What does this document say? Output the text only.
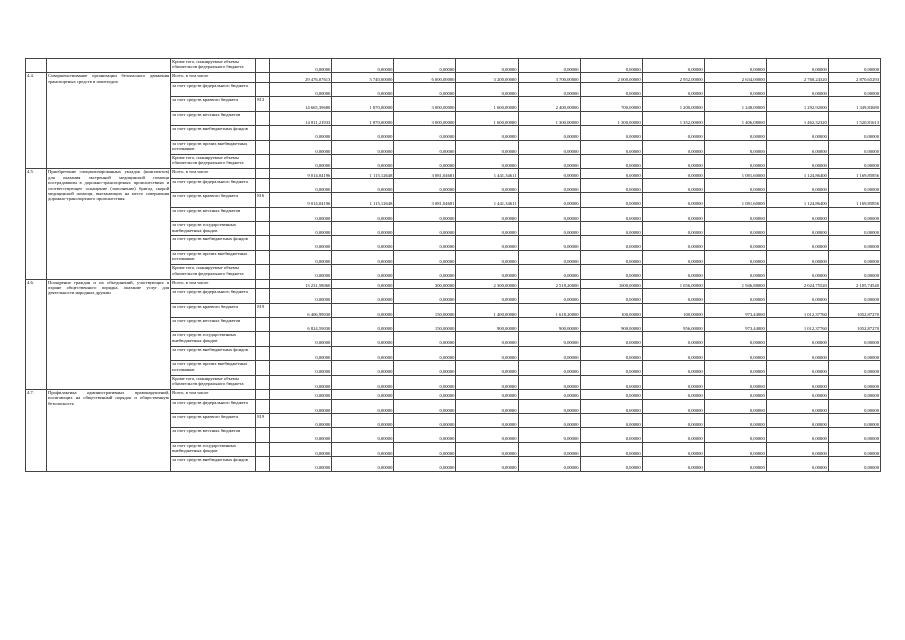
		Кроме того, планируемые объемы обязательств федерального бюджета		0,00000	0,00000	0,00000	0,00000	0,00000	0,00000	0,00000	0,00000	0,00000	0,00000
4.4.	Совершенствование организации безопасного движения транспортных средств и пешеходов	Всего, в том числе		29 476,07613	3 740,00000	6 000,00000	3 200,00000	3 700,00000	2 000,00000	2 952,00000	2 634,00000	2 760,24320	2 870,65293
		за счет средств федерального бюджета		0,00000	0,00000	0,00000	0,00000	0,00000	0,00000	0,00000	0,00000	0,00000	0,00000
		за счет средств краевого бюджета	813	14 665,39680	1 870,00000	3 000,00000	1 600,00000	2 400,00000	700,00000	1 200,00000	1 248,00000	1 292,92000	1 349,83680
		за счет средств местных бюджетов		14 811,21933	1 870,00000	3 000,00000	1 600,00000	1 300,00000	1 300,00000	1 352,00000	1 406,08000	1 462,32320	1 520,81613
		за счет средств внебюджетных фондов		0,00000	0,00000	0,00000	0,00000	0,00000	0,00000	0,00000	0,00000	0,00000	0,00000
		за счет средств прочих внебюджетных источников		0,00000	0,00000	0,00000	0,00000	0,00000	0,00000	0,00000	0,00000	0,00000	0,00000
		Кроме того, планируемые объемы обязательств федерального бюджета		0,00000	0,00000	0,00000	0,00000	0,00000	0,00000	0,00000	0,00000	0,00000	0,00000
4.5.	Приобретение специализированных укладок (комплектов) для оказания экстренной медицинской помощи пострадавшим в дорожно-транспортных происшествиях и соответствующее оснащение (заполнение) бригад скорой медицинской помощи, выезжающих на место совершения дорожно-транспортного происшествия	Всего, в том числе		9 014,04196	1 115,12648	3 081,04681	1 441,34611	0,00000	0,00000	0,00000	1 081,60000	1 124,86400	1 169,85856
		за счет средств федерального бюджета		0,00000	0,00000	0,00000	0,00000	0,00000	0,00000	0,00000	0,00000	0,00000	0,00000
		за счет средств краевого бюджета	816	9 014,04196	1 115,12648	3 081,04681	1 441,34611	0,00000	0,00000	0,00000	1 081,60000	1 124,86400	1 169,85856
		за счет средств местных бюджетов		0,00000	0,00000	0,00000	0,00000	0,00000	0,00000	0,00000	0,00000	0,00000	0,00000
		за счет средств государственных внебюджетных фондов		0,00000	0,00000	0,00000	0,00000	0,00000	0,00000	0,00000	0,00000	0,00000	0,00000
		за счет средств внебюджетных фондов		0,00000	0,00000	0,00000	0,00000	0,00000	0,00000	0,00000	0,00000	0,00000	0,00000
		за счет средств прочих внебюджетных источников		0,00000	0,00000	0,00000	0,00000	0,00000	0,00000	0,00000	0,00000	0,00000	0,00000
		Кроме того, планируемые объемы обязательств федерального бюджета		0,00000	0,00000	0,00000	0,00000	0,00000	0,00000	0,00000	0,00000	0,00000	0,00000
4.6.	Поощрение граждан и их объединений, участвующих в охране общественного порядка, оказание услуг для деятельности народных дружин	Всего, в том числе		13 231,58060	0,00000	300,00000	2 300,00000	2 518,20000	1000,00000	1 056,00000	1 946,88000	2 024,75520	2 105,74540
		за счет средств федерального бюджета		0,00000	0,00000	0,00000	0,00000	0,00000	0,00000	0,00000	0,00000	0,00000	0,00000
		за счет средств краевого бюджета	819	6 406,99030	0,00000	150,00000	1 400,00000	1 618,20000	100,00000	100,00000	973,44000	1 012,37760	1052,87270
		за счет средств местных бюджетов		6 824,59030	0,00000	150,00000	900,00000	900,00000	900,00000	956,00000	973,44000	1 012,37760	1052,87270
		за счет средств государственных внебюджетных фондов		0,00000	0,00000	0,00000	0,00000	0,00000	0,00000	0,00000	0,00000	0,00000	0,00000
		за счет средств внебюджетных фондов		0,00000	0,00000	0,00000	0,00000	0,00000	0,00000	0,00000	0,00000	0,00000	0,00000
		за счет средств прочих внебюджетных источников		0,00000	0,00000	0,00000	0,00000	0,00000	0,00000	0,00000	0,00000	0,00000	0,00000
		Кроме того, планируемые объемы обязательств федерального бюджета		0,00000	0,00000	0,00000	0,00000	0,00000	0,00000	0,00000	0,00000	0,00000	0,00000
4.7.	Профилактика административных правонарушений, посягающих на общественный порядок и общественную безопасность	Всего, в том числе		0,00000	0,00000	0,00000	0,00000	0,00000	0,00000	0,00000	0,00000	0,00000	0,00000
		за счет средств федерального бюджета		0,00000	0,00000	0,00000	0,00000	0,00000	0,00000	0,00000	0,00000	0,00000	0,00000
		за счет средств краевого бюджета	819	0,00000	0,00000	0,00000	0,00000	0,00000	0,00000	0,00000	0,00000	0,00000	0,00000
		за счет средств местных бюджетов		0,00000	0,00000	0,00000	0,00000	0,00000	0,00000	0,00000	0,00000	0,00000	0,00000
		за счет средств государственных внебюджетных фондов		0,00000	0,00000	0,00000	0,00000	0,00000	0,00000	0,00000	0,00000	0,00000	0,00000
		за счет средств внебюджетных фондов		0,00000	0,00000	0,00000	0,00000	0,00000	0,00000	0,00000	0,00000	0,00000	0,00000
